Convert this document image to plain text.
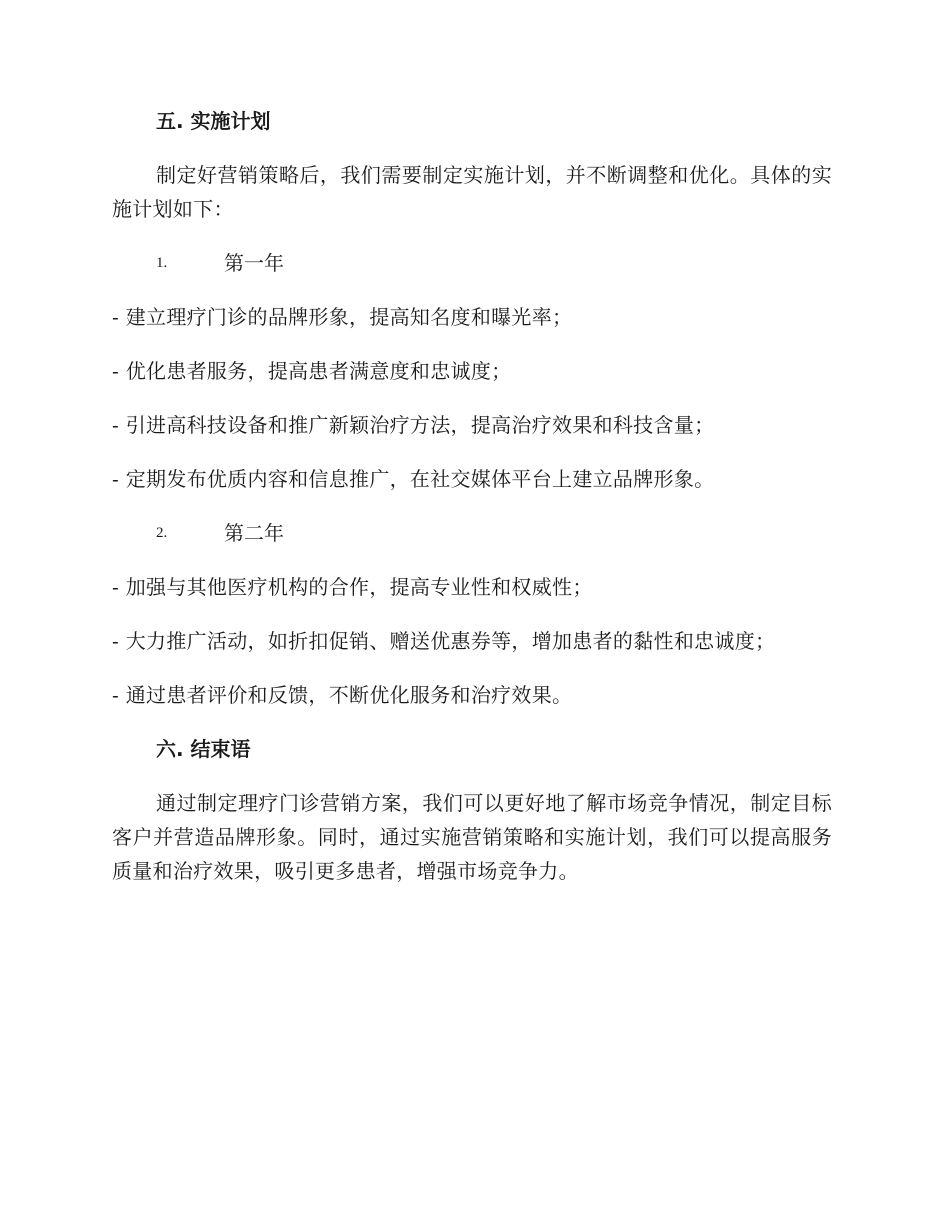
五. 实施计划

制定好营销策略后，我们需要制定实施计划，并不断调整和优化。具体的实施计划如下：

1.	第一年

- 建立理疗门诊的品牌形象，提高知名度和曝光率；

- 优化患者服务，提高患者满意度和忠诚度；

- 引进高科技设备和推广新颖治疗方法，提高治疗效果和科技含量；

- 定期发布优质内容和信息推广，在社交媒体平台上建立品牌形象。

2.	第二年

- 加强与其他医疗机构的合作，提高专业性和权威性；

- 大力推广活动，如折扣促销、赠送优惠券等，增加患者的黏性和忠诚度；

- 通过患者评价和反馈，不断优化服务和治疗效果。

六. 结束语

通过制定理疗门诊营销方案，我们可以更好地了解市场竞争情况，制定目标客户并营造品牌形象。同时，通过实施营销策略和实施计划，我们可以提高服务质量和治疗效果，吸引更多患者，增强市场竞争力。
